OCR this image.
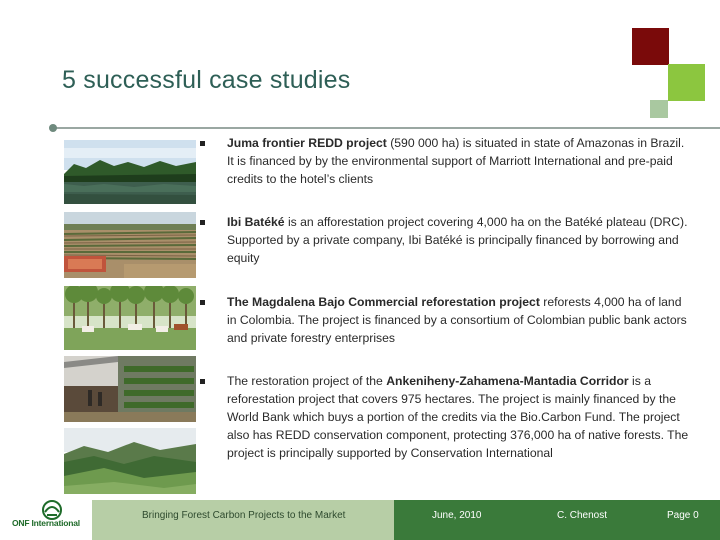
5 successful case studies

Juma frontier REDD project (590 000 ha) is situated in state of Amazonas in Brazil. It is financed by by the environmental support of Marriott International and pre-paid credits to the hotel’s clients

Ibi Batéké is an afforestation project covering 4,000 ha on the Batéké plateau (DRC). Supported by a private company, Ibi Batéké is principally financed by borrowing and equity

The Magdalena Bajo Commercial reforestation project reforests 4,000 ha of land in Colombia. The project is financed by a consortium of Colombian public bank actors and private forestry enterprises

The restoration project of the Ankeniheny-Zahamena-Mantadia Corridor is a reforestation project that covers 975 hectares. The project is mainly financed by the World Bank which buys a portion of the credits via the Bio.Carbon Fund. The project also has REDD conservation component, protecting 376,000 ha of native forests. The project is principally supported by Conservation International

Bringing Forest Carbon Projects to the Market	June, 2010	C. Chenost	Page 0
ONF International
